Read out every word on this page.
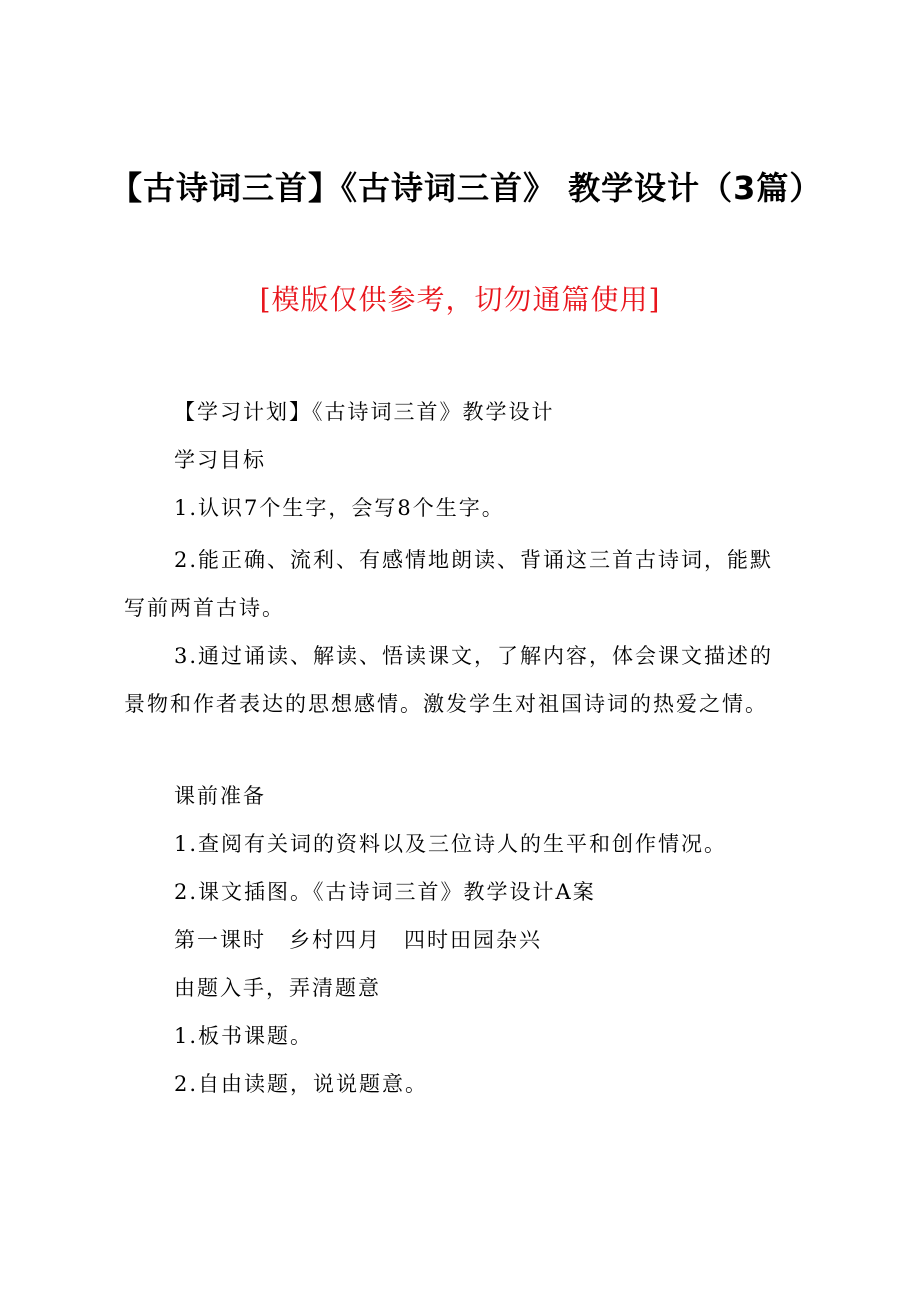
【古诗词三首】《古诗词三首》 教学设计（3篇）
[模版仅供参考，切勿通篇使用]

【学习计划】《古诗词三首》教学设计

学习目标

1.认识7个生字，会写8个生字。

2.能正确、流利、有感情地朗读、背诵这三首古诗词，能默写前两首古诗。

3.通过诵读、解读、悟读课文，了解内容，体会课文描述的景物和作者表达的思想感情。激发学生对祖国诗词的热爱之情。

课前准备

1.查阅有关词的资料以及三位诗人的生平和创作情况。

2.课文插图。《古诗词三首》教学设计A案

第一课时　乡村四月　四时田园杂兴

由题入手，弄清题意

1.板书课题。

2.自由读题，说说题意。
